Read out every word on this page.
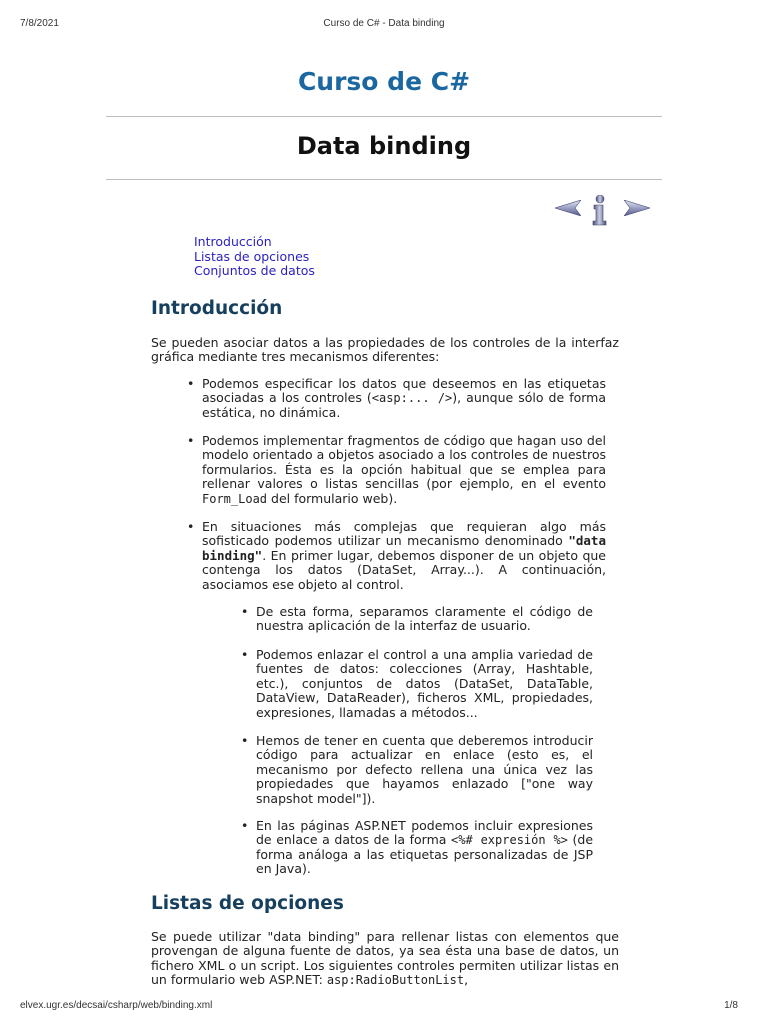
7/8/2021	Curso de C# - Data binding
Curso de C#
Data binding
Introducción
Listas de opciones
Conjuntos de datos
Introducción

Se pueden asociar datos a las propiedades de los controles de la interfaz gráfica mediante tres mecanismos diferentes:

• Podemos especificar los datos que deseemos en las etiquetas asociadas a los controles (<asp:... />), aunque sólo de forma estática, no dinámica.

• Podemos implementar fragmentos de código que hagan uso del modelo orientado a objetos asociado a los controles de nuestros formularios. Ésta es la opción habitual que se emplea para rellenar valores o listas sencillas (por ejemplo, en el evento Form_Load del formulario web).

• En situaciones más complejas que requieran algo más sofisticado podemos utilizar un mecanismo denominado "data binding". En primer lugar, debemos disponer de un objeto que contenga los datos (DataSet, Array...). A continuación, asociamos ese objeto al control.

• De esta forma, separamos claramente el código de nuestra aplicación de la interfaz de usuario.

• Podemos enlazar el control a una amplia variedad de fuentes de datos: colecciones (Array, Hashtable, etc.), conjuntos de datos (DataSet, DataTable, DataView, DataReader), ficheros XML, propiedades, expresiones, llamadas a métodos...

• Hemos de tener en cuenta que deberemos introducir código para actualizar en enlace (esto es, el mecanismo por defecto rellena una única vez las propiedades que hayamos enlazado ["one way snapshot model"]).

• En las páginas ASP.NET podemos incluir expresiones de enlace a datos de la forma <%# expresión %> (de forma análoga a las etiquetas personalizadas de JSP en Java).

Listas de opciones

Se puede utilizar "data binding" para rellenar listas con elementos que provengan de alguna fuente de datos, ya sea ésta una base de datos, un fichero XML o un script. Los siguientes controles permiten utilizar listas en un formulario web ASP.NET: asp:RadioButtonList,

elvex.ugr.es/decsai/csharp/web/binding.xml	1/8
